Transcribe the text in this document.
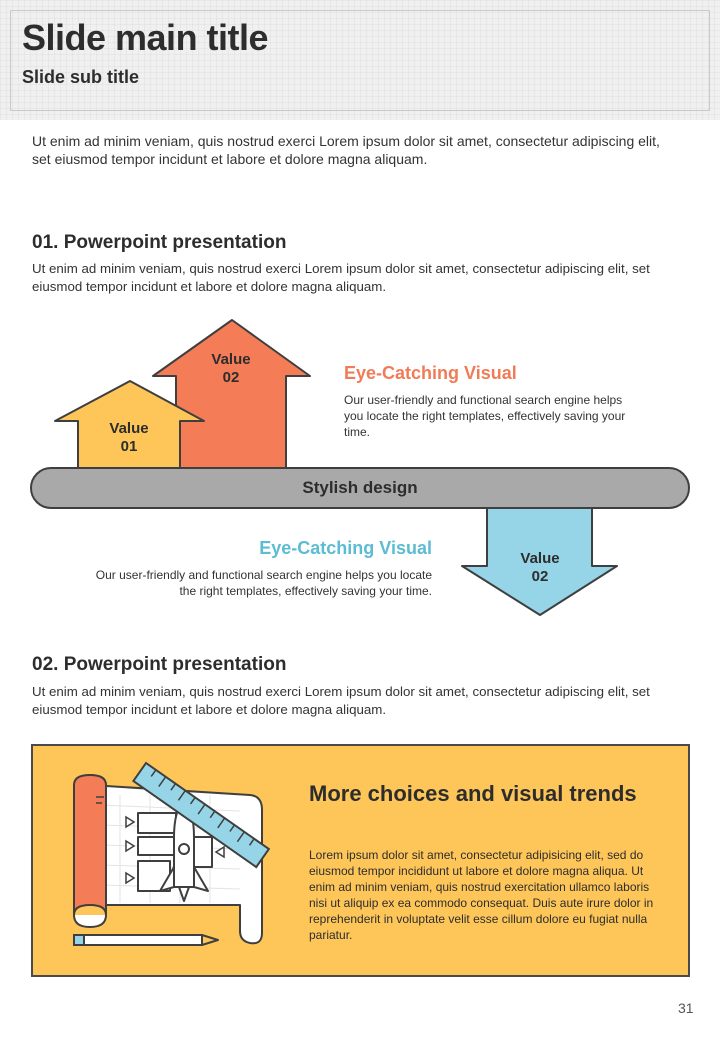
Slide main title
Slide sub title
Ut enim ad minim veniam, quis nostrud exerci Lorem ipsum dolor sit amet, consectetur adipiscing elit, set eiusmod tempor incidunt et labore et dolore magna aliquam.
01. Powerpoint presentation
Ut enim ad minim veniam, quis nostrud exerci Lorem ipsum dolor sit amet, consectetur adipiscing elit, set eiusmod tempor incidunt et labore et dolore magna aliquam.
Stylish design
Value
01
Value
02
Value
02
Eye-Catching Visual
Our user-friendly and functional search engine helps you locate the right templates, effectively saving your time.
Eye-Catching Visual
Our user-friendly and functional search engine helps you locate the right templates, effectively saving your time.
02. Powerpoint presentation
Ut enim ad minim veniam, quis nostrud exerci Lorem ipsum dolor sit amet, consectetur adipiscing elit, set eiusmod tempor incidunt et labore et dolore magna aliquam.
More choices and visual trends
Lorem ipsum dolor sit amet, consectetur adipisicing elit, sed do eiusmod tempor incididunt ut labore et dolore magna aliqua. Ut enim ad minim veniam, quis nostrud exercitation ullamco laboris nisi ut aliquip ex ea commodo consequat. Duis aute irure dolor in reprehenderit in voluptate velit esse cillum dolore eu fugiat nulla pariatur.
31
